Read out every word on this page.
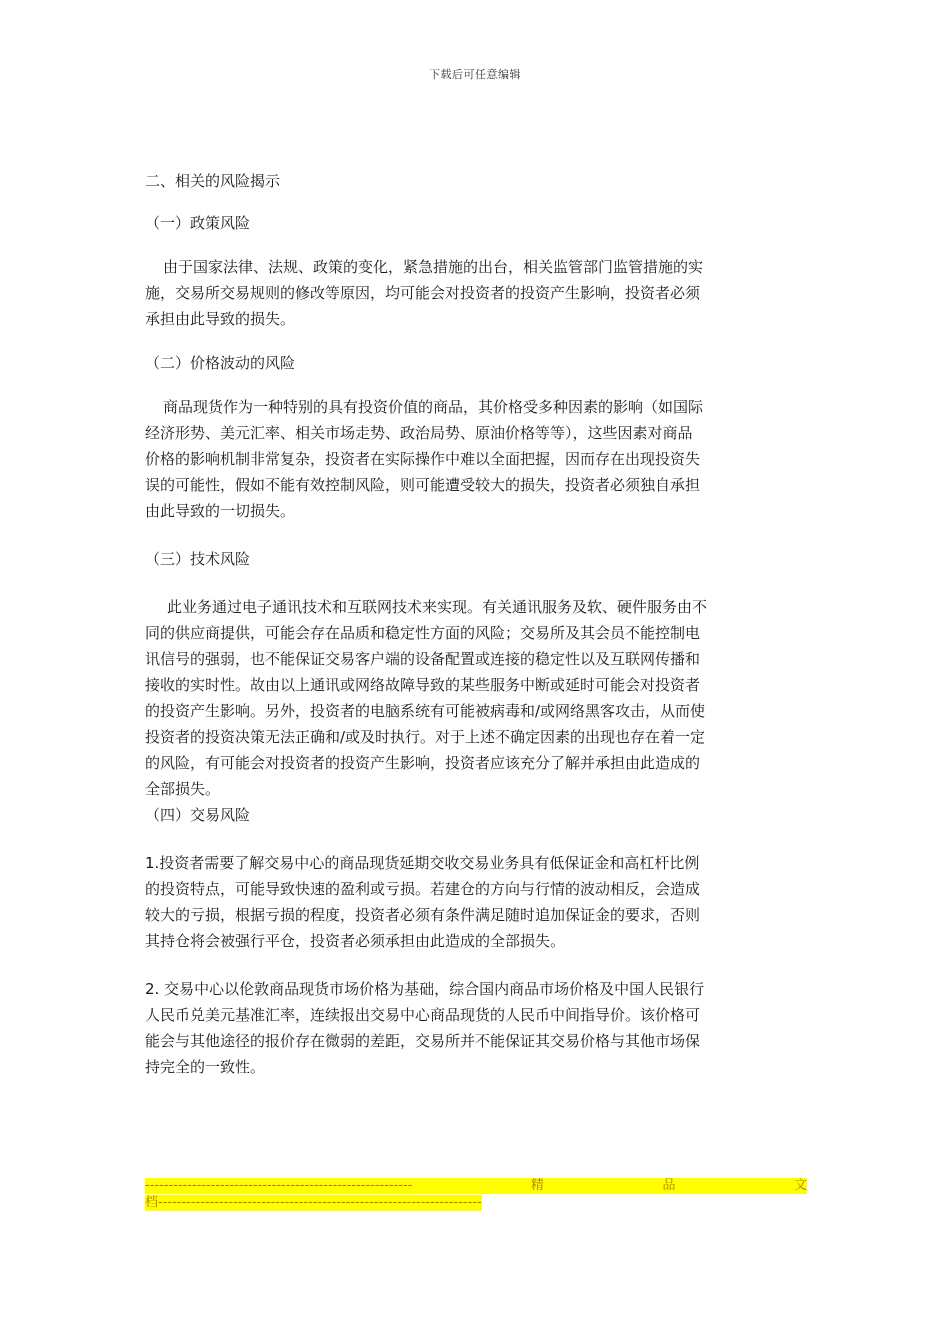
下载后可任意编辑
二、相关的风险揭示
（一）政策风险
由于国家法律、法规、政策的变化，紧急措施的出台，相关监管部门监管措施的实
施，交易所交易规则的修改等原因，均可能会对投资者的投资产生影响，投资者必须
承担由此导致的损失。
（二）价格波动的风险
商品现货作为一种特别的具有投资价值的商品，其价格受多种因素的影响（如国际
经济形势、美元汇率、相关市场走势、政治局势、原油价格等等），这些因素对商品
价格的影响机制非常复杂，投资者在实际操作中难以全面把握，因而存在出现投资失
误的可能性，假如不能有效控制风险，则可能遭受较大的损失，投资者必须独自承担
由此导致的一切损失。
（三）技术风险
此业务通过电子通讯技术和互联网技术来实现。有关通讯服务及软、硬件服务由不
同的供应商提供，可能会存在品质和稳定性方面的风险；交易所及其会员不能控制电
讯信号的强弱，也不能保证交易客户端的设备配置或连接的稳定性以及互联网传播和
接收的实时性。故由以上通讯或网络故障导致的某些服务中断或延时可能会对投资者
的投资产生影响。另外，投资者的电脑系统有可能被病毒和/或网络黑客攻击，从而使
投资者的投资决策无法正确和/或及时执行。对于上述不确定因素的出现也存在着一定
的风险，有可能会对投资者的投资产生影响，投资者应该充分了解并承担由此造成的
全部损失。
（四）交易风险
1.投资者需要了解交易中心的商品现货延期交收交易业务具有低保证金和高杠杆比例
的投资特点，可能导致快速的盈利或亏损。若建仓的方向与行情的波动相反，会造成
较大的亏损，根据亏损的程度，投资者必须有条件满足随时追加保证金的要求，否则
其持仓将会被强行平仓，投资者必须承担由此造成的全部损失。
2. 交易中心以伦敦商品现货市场价格为基础，综合国内商品市场价格及中国人民银行
人民币兑美元基准汇率，连续报出交易中心商品现货的人民币中间指导价。该价格可
能会与其他途径的报价存在微弱的差距，交易所并不能保证其交易价格与其他市场保
持完全的一致性。
---------------------------------------------------------	精	品	文
档---------------------------------------------------------------------
